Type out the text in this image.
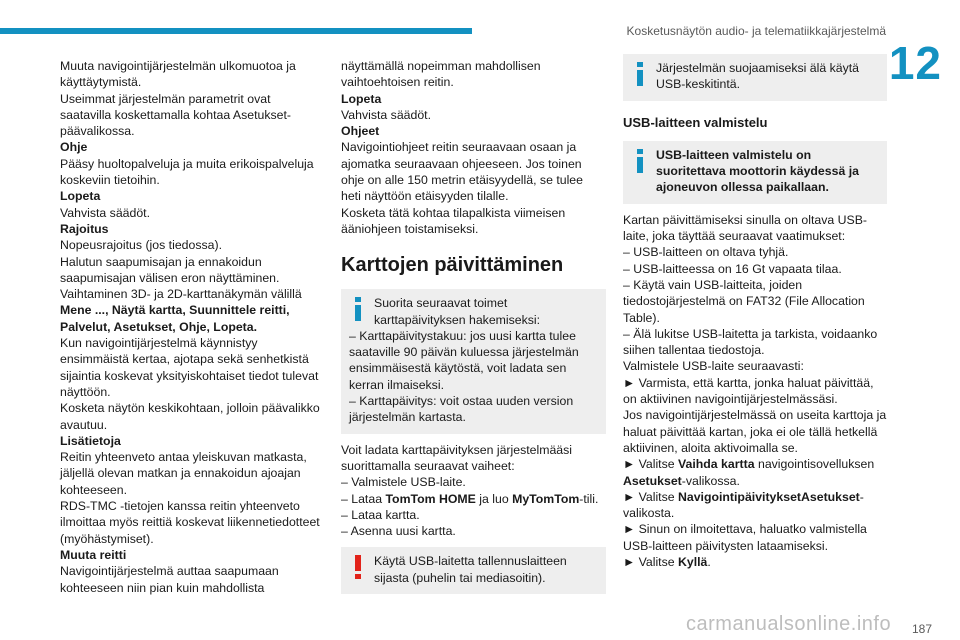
Kosketusnäytön audio- ja telematiikkajärjestelmä
12

Muuta navigointijärjestelmän ulkomuotoa ja käyttäytymistä.

Useimmat järjestelmän parametrit ovat saatavilla koskettamalla kohtaa Asetukset-päävalikossa.

Ohje

Pääsy huoltopalveluja ja muita erikoispalveluja koskeviin tietoihin.

Lopeta

Vahvista säädöt.

Rajoitus

Nopeusrajoitus (jos tiedossa).

Halutun saapumisajan ja ennakoidun saapumisajan välisen eron näyttäminen.

Vaihtaminen 3D- ja 2D-karttanäkymän välillä

Mene ..., Näytä kartta, Suunnittele reitti, Palvelut, Asetukset, Ohje, Lopeta.

Kun navigointijärjestelmä käynnistyy ensimmäistä kertaa, ajotapa sekä senhetkistä sijaintia koskevat yksityiskohtaiset tiedot tulevat näyttöön.

Kosketa näytön keskikohtaan, jolloin päävalikko avautuu.

Lisätietoja

Reitin yhteenveto antaa yleiskuvan matkasta, jäljellä olevan matkan ja ennakoidun ajoajan kohteeseen.

RDS-TMC -tietojen kanssa reitin yhteenveto ilmoittaa myös reittiä koskevat liikennetiedotteet (myöhästymiset).

Muuta reitti

Navigointijärjestelmä auttaa saapumaan kohteeseen niin pian kuin mahdollista

näyttämällä nopeimman mahdollisen vaihtoehtoisen reitin.

Lopeta

Vahvista säädöt.

Ohjeet

Navigointiohjeet reitin seuraavaan osaan ja ajomatka seuraavaan ohjeeseen. Jos toinen ohje on alle 150 metrin etäisyydellä, se tulee heti näyttöön etäisyyden tilalle.

Kosketa tätä kohtaa tilapalkista viimeisen ääniohjeen toistamiseksi.

Karttojen päivittäminen

Suorita seuraavat toimet karttapäivityksen hakemiseksi:

– Karttapäivitystakuu: jos uusi kartta tulee saataville 90 päivän kuluessa järjestelmän ensimmäisestä käytöstä, voit ladata sen kerran ilmaiseksi.

– Karttapäivitys: voit ostaa uuden version järjestelmän kartasta.

Voit ladata karttapäivityksen järjestelmääsi suorittamalla seuraavat vaiheet:

– Valmistele USB-laite.

– Lataa TomTom HOME ja luo MyTomTom-tili.

– Lataa kartta.

– Asenna uusi kartta.

Käytä USB-laitetta tallennuslaitteen sijasta (puhelin tai mediasoitin).

Järjestelmän suojaamiseksi älä käytä USB-keskitintä.

USB-laitteen valmistelu

USB-laitteen valmistelu on suoritettava moottorin käydessä ja ajoneuvon ollessa paikallaan.

Kartan päivittämiseksi sinulla on oltava USB-laite, joka täyttää seuraavat vaatimukset:

– USB-laitteen on oltava tyhjä.

– USB-laitteessa on 16 Gt vapaata tilaa.

– Käytä vain USB-laitteita, joiden tiedostojärjestelmä on FAT32 (File Allocation Table).

– Älä lukitse USB-laitetta ja tarkista, voidaanko siihen tallentaa tiedostoja.

Valmistele USB-laite seuraavasti:

► Varmista, että kartta, jonka haluat päivittää, on aktiivinen navigointijärjestelmässäsi.

Jos navigointijärjestelmässä on useita karttoja ja haluat päivittää kartan, joka ei ole tällä hetkellä aktiivinen, aloita aktivoimalla se.

► Valitse Vaihda kartta navigointisovelluksen Asetukset-valikossa.

► Valitse NavigointipäivityksetAsetukset-valikosta.

► Sinun on ilmoitettava, haluatko valmistella USB-laitteen päivitysten lataamiseksi.

► Valitse Kyllä.

carmanualsonline.info 187
